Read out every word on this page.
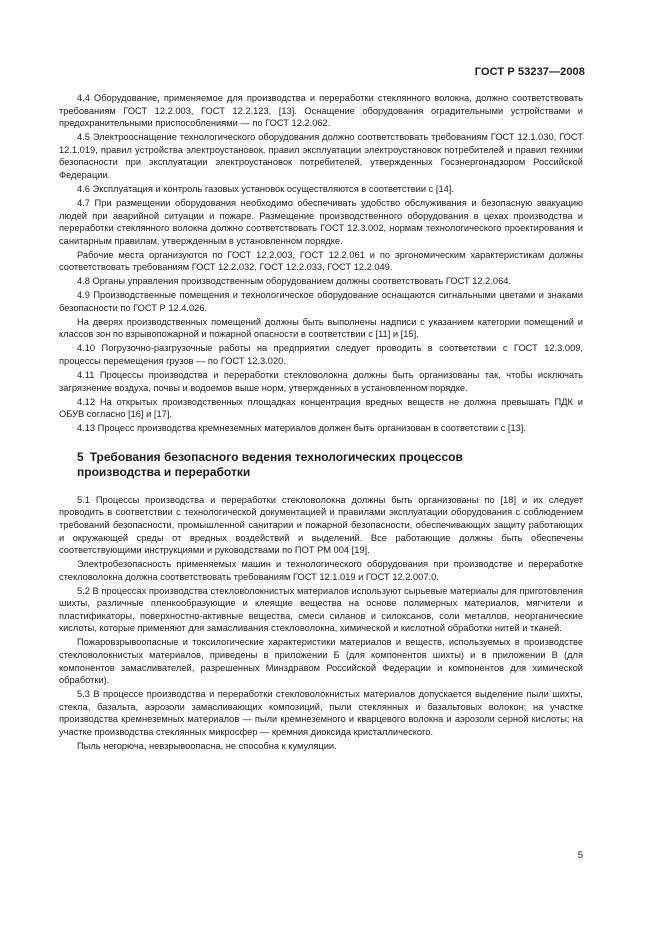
ГОСТ Р 53237—2008

4.4 Оборудование, применяемое для производства и переработки стеклянного волокна, должно соответствовать требованиям ГОСТ 12.2.003, ГОСТ 12.2.123, [13]. Оснащение оборудования оградительными устройствами и предохранительными приспособлениями — по ГОСТ 12.2.062.

4.5 Электрооснащение технологического оборудования должно соответствовать требованиям ГОСТ 12.1.030, ГОСТ 12.1.019, правил устройства электроустановок, правил эксплуатации электроустановок потребителей и правил техники безопасности при эксплуатации электроустановок потребителей, утвержденных Госэнергонадзором Российской Федерации.

4.6 Эксплуатация и контроль газовых установок осуществляются в соответствии с [14].

4.7 При размещении оборудования необходимо обеспечивать удобство обслуживания и безопасную эвакуацию людей при аварийной ситуации и пожаре. Размещение производственного оборудования в цехах производства и переработки стеклянного волокна должно соответствовать ГОСТ 12.3.002, нормам технологического проектирования и санитарным правилам, утвержденным в установленном порядке.

Рабочие места организуются по ГОСТ 12.2.003, ГОСТ 12.2.061 и по эргономическим характеристикам должны соответствовать требованиям ГОСТ 12.2.032, ГОСТ 12.2.033, ГОСТ 12.2.049.

4.8 Органы управления производственным оборудованием должны соответствовать ГОСТ 12.2.064.

4.9 Производственные помещения и технологическое оборудование оснащаются сигнальными цветами и знаками безопасности по ГОСТ Р 12.4.026.

На дверях производственных помещений должны быть выполнены надписи с указанием категории помещений и классов зон по взрывопожарной и пожарной опасности в соответствии с [11] и [15].

4.10 Погрузочно-разгрузочные работы на предприятии следует проводить в соответствии с ГОСТ 12.3.009, процессы перемещения грузов — по ГОСТ 12.3.020.

4.11 Процессы производства и переработки стекловолокна должны быть организованы так, чтобы исключать загрязнение воздуха, почвы и водоемов выше норм, утвержденных в установленном порядке.

4.12 На открытых производственных площадках концентрация вредных веществ не должна превышать ПДК и ОБУВ согласно [16] и [17].

4.13 Процесс производства кремнеземных материалов должен быть организован в соответствии с [13].

5 Требования безопасного ведения технологических процессов
производства и переработки

5.1 Процессы производства и переработки стекловолокна должны быть организованы по [18] и их следует проводить в соответствии с технологической документацией и правилами эксплуатации оборудования с соблюдением требований безопасности, промышленной санитарии и пожарной безопасности, обеспечивающих защиту работающих и окружающей среды от вредных воздействий и выделений. Все работающие должны быть обеспечены соответствующими инструкциями и руководствами по ПОТ РМ 004 [19].

Электробезопасность применяемых машин и технологического оборудования при производстве и переработке стекловолокна должна соответствовать требованиям ГОСТ 12.1.019 и ГОСТ 12.2.007.0.

5.2 В процессах производства стекловолокнистых материалов используют сырьевые материалы для приготовления шихты, различные пленкообразующие и клеящие вещества на основе полимерных материалов, мягчители и пластификаторы, поверхностно-активные вещества, смеси силанов и силоксанов, соли металлов, неорганические кислоты, которые применяют для замасливания стекловолокна, химической и кислотной обработки нитей и тканей.

Пожаровзрывоопасные и токсилогические характеристики материалов и веществ, используемых в производстве стекловолокнистых материалов, приведены в приложении Б (для компонентов шихты) и в приложении В (для компонентов замасливателей, разрешенных Минздравом Российской Федерации и компонентов для химической обработки).

5.3 В процессе производства и переработки стекловолокнистых материалов допускается выделение пыли шихты, стекла, базальта, аэрозоли замасливающих композиций, пыли стеклянных и базальтовых волокон; на участке производства кремнеземных материалов — пыли кремнеземного и кварцевого волокна и аэрозоли серной кислоты; на участке производства стеклянных микросфер — кремния диоксида кристаллического.

Пыль негорюча, невзрывоопасна, не способна к кумуляции.

5
